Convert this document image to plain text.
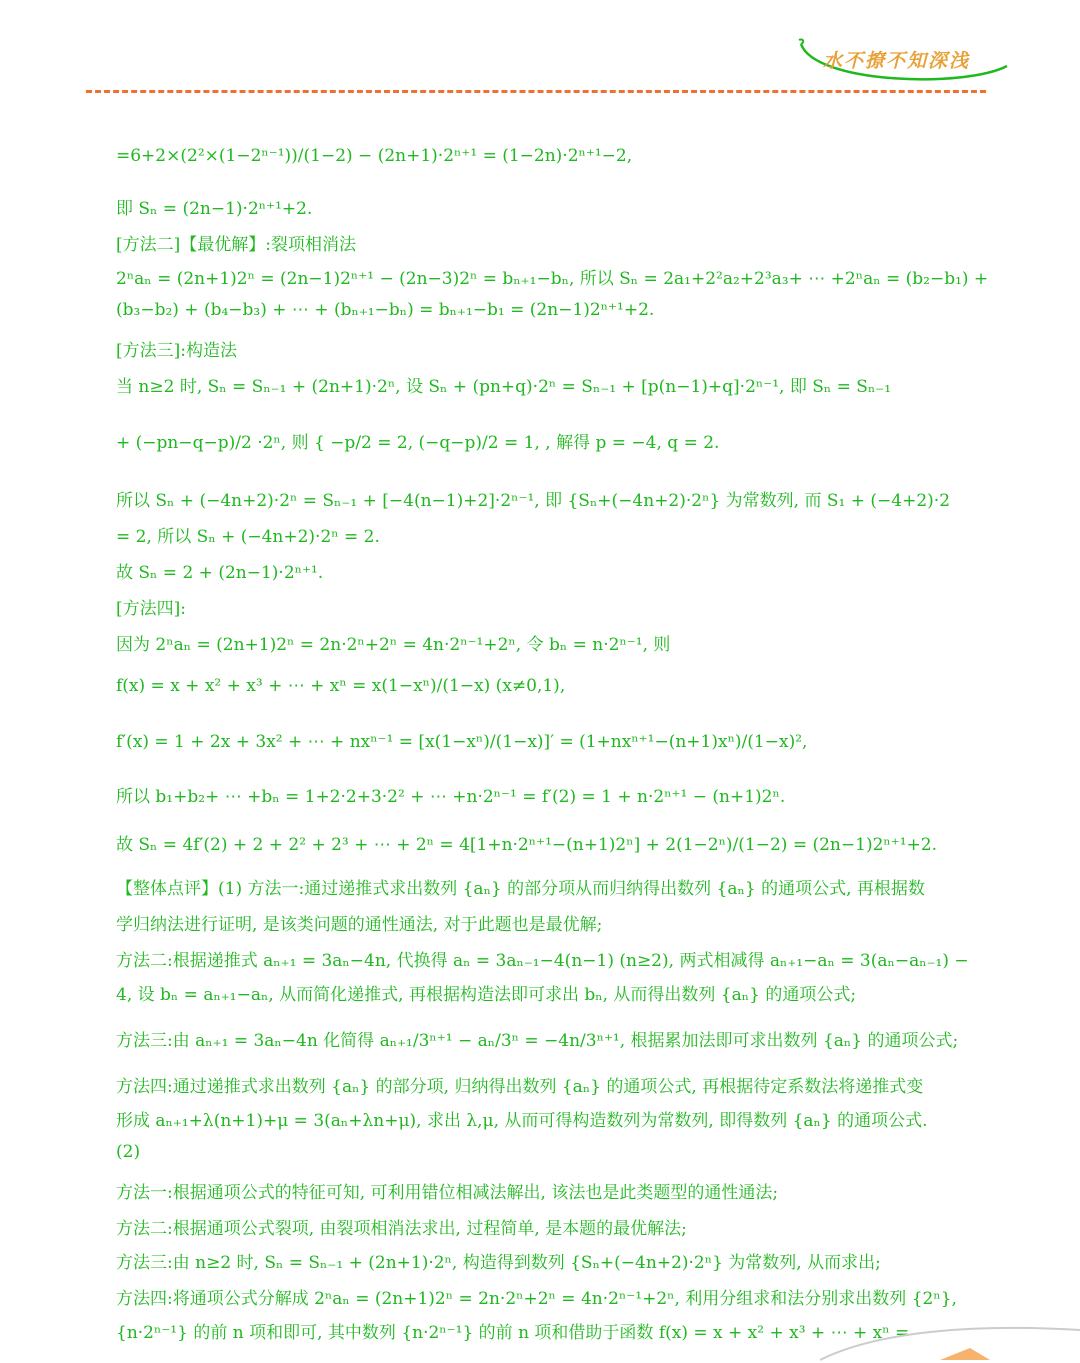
水不撩不知深浅
=6+2×(2²×(1−2ⁿ⁻¹))/(1−2) − (2n+1)·2ⁿ⁺¹ = (1−2n)·2ⁿ⁺¹−2,
即 Sₙ = (2n−1)·2ⁿ⁺¹+2.
[方法二]【最优解】:裂项相消法
2ⁿaₙ = (2n+1)2ⁿ = (2n−1)2ⁿ⁺¹ − (2n−3)2ⁿ = bₙ₊₁−bₙ, 所以 Sₙ = 2a₁+2²a₂+2³a₃+ ⋯ +2ⁿaₙ = (b₂−b₁) +
(b₃−b₂) + (b₄−b₃) + ⋯ + (bₙ₊₁−bₙ) = bₙ₊₁−b₁ = (2n−1)2ⁿ⁺¹+2.
[方法三]:构造法
当 n≥2 时, Sₙ = Sₙ₋₁ + (2n+1)·2ⁿ, 设 Sₙ + (pn+q)·2ⁿ = Sₙ₋₁ + [p(n−1)+q]·2ⁿ⁻¹, 即 Sₙ = Sₙ₋₁
+ (−pn−q−p)/2 ·2ⁿ, 则 { −p/2 = 2, (−q−p)/2 = 1, , 解得 p = −4, q = 2.
所以 Sₙ + (−4n+2)·2ⁿ = Sₙ₋₁ + [−4(n−1)+2]·2ⁿ⁻¹, 即 {Sₙ+(−4n+2)·2ⁿ} 为常数列, 而 S₁ + (−4+2)·2
= 2, 所以 Sₙ + (−4n+2)·2ⁿ = 2.
故 Sₙ = 2 + (2n−1)·2ⁿ⁺¹.
[方法四]:
因为 2ⁿaₙ = (2n+1)2ⁿ = 2n·2ⁿ+2ⁿ = 4n·2ⁿ⁻¹+2ⁿ, 令 bₙ = n·2ⁿ⁻¹, 则
f(x) = x + x² + x³ + ⋯ + xⁿ = x(1−xⁿ)/(1−x) (x≠0,1),
f′(x) = 1 + 2x + 3x² + ⋯ + nxⁿ⁻¹ = [x(1−xⁿ)/(1−x)]′ = (1+nxⁿ⁺¹−(n+1)xⁿ)/(1−x)²,
所以 b₁+b₂+ ⋯ +bₙ = 1+2·2+3·2² + ⋯ +n·2ⁿ⁻¹ = f′(2) = 1 + n·2ⁿ⁺¹ − (n+1)2ⁿ.
故 Sₙ = 4f′(2) + 2 + 2² + 2³ + ⋯ + 2ⁿ = 4[1+n·2ⁿ⁺¹−(n+1)2ⁿ] + 2(1−2ⁿ)/(1−2) = (2n−1)2ⁿ⁺¹+2.
【整体点评】(1) 方法一:通过递推式求出数列 {aₙ} 的部分项从而归纳得出数列 {aₙ} 的通项公式, 再根据数
学归纳法进行证明, 是该类问题的通性通法, 对于此题也是最优解;
方法二:根据递推式 aₙ₊₁ = 3aₙ−4n, 代换得 aₙ = 3aₙ₋₁−4(n−1) (n≥2), 两式相减得 aₙ₊₁−aₙ = 3(aₙ−aₙ₋₁) −
4, 设 bₙ = aₙ₊₁−aₙ, 从而简化递推式, 再根据构造法即可求出 bₙ, 从而得出数列 {aₙ} 的通项公式;
方法三:由 aₙ₊₁ = 3aₙ−4n 化简得 aₙ₊₁/3ⁿ⁺¹ − aₙ/3ⁿ = −4n/3ⁿ⁺¹, 根据累加法即可求出数列 {aₙ} 的通项公式;
方法四:通过递推式求出数列 {aₙ} 的部分项, 归纳得出数列 {aₙ} 的通项公式, 再根据待定系数法将递推式变
形成 aₙ₊₁+λ(n+1)+μ = 3(aₙ+λn+μ), 求出 λ,μ, 从而可得构造数列为常数列, 即得数列 {aₙ} 的通项公式.
(2)
方法一:根据通项公式的特征可知, 可利用错位相减法解出, 该法也是此类题型的通性通法;
方法二:根据通项公式裂项, 由裂项相消法求出, 过程简单, 是本题的最优解法;
方法三:由 n≥2 时, Sₙ = Sₙ₋₁ + (2n+1)·2ⁿ, 构造得到数列 {Sₙ+(−4n+2)·2ⁿ} 为常数列, 从而求出;
方法四:将通项公式分解成 2ⁿaₙ = (2n+1)2ⁿ = 2n·2ⁿ+2ⁿ = 4n·2ⁿ⁻¹+2ⁿ, 利用分组求和法分别求出数列 {2ⁿ},
{n·2ⁿ⁻¹} 的前 n 项和即可, 其中数列 {n·2ⁿ⁻¹} 的前 n 项和借助于函数 f(x) = x + x² + x³ + ⋯ + xⁿ =
